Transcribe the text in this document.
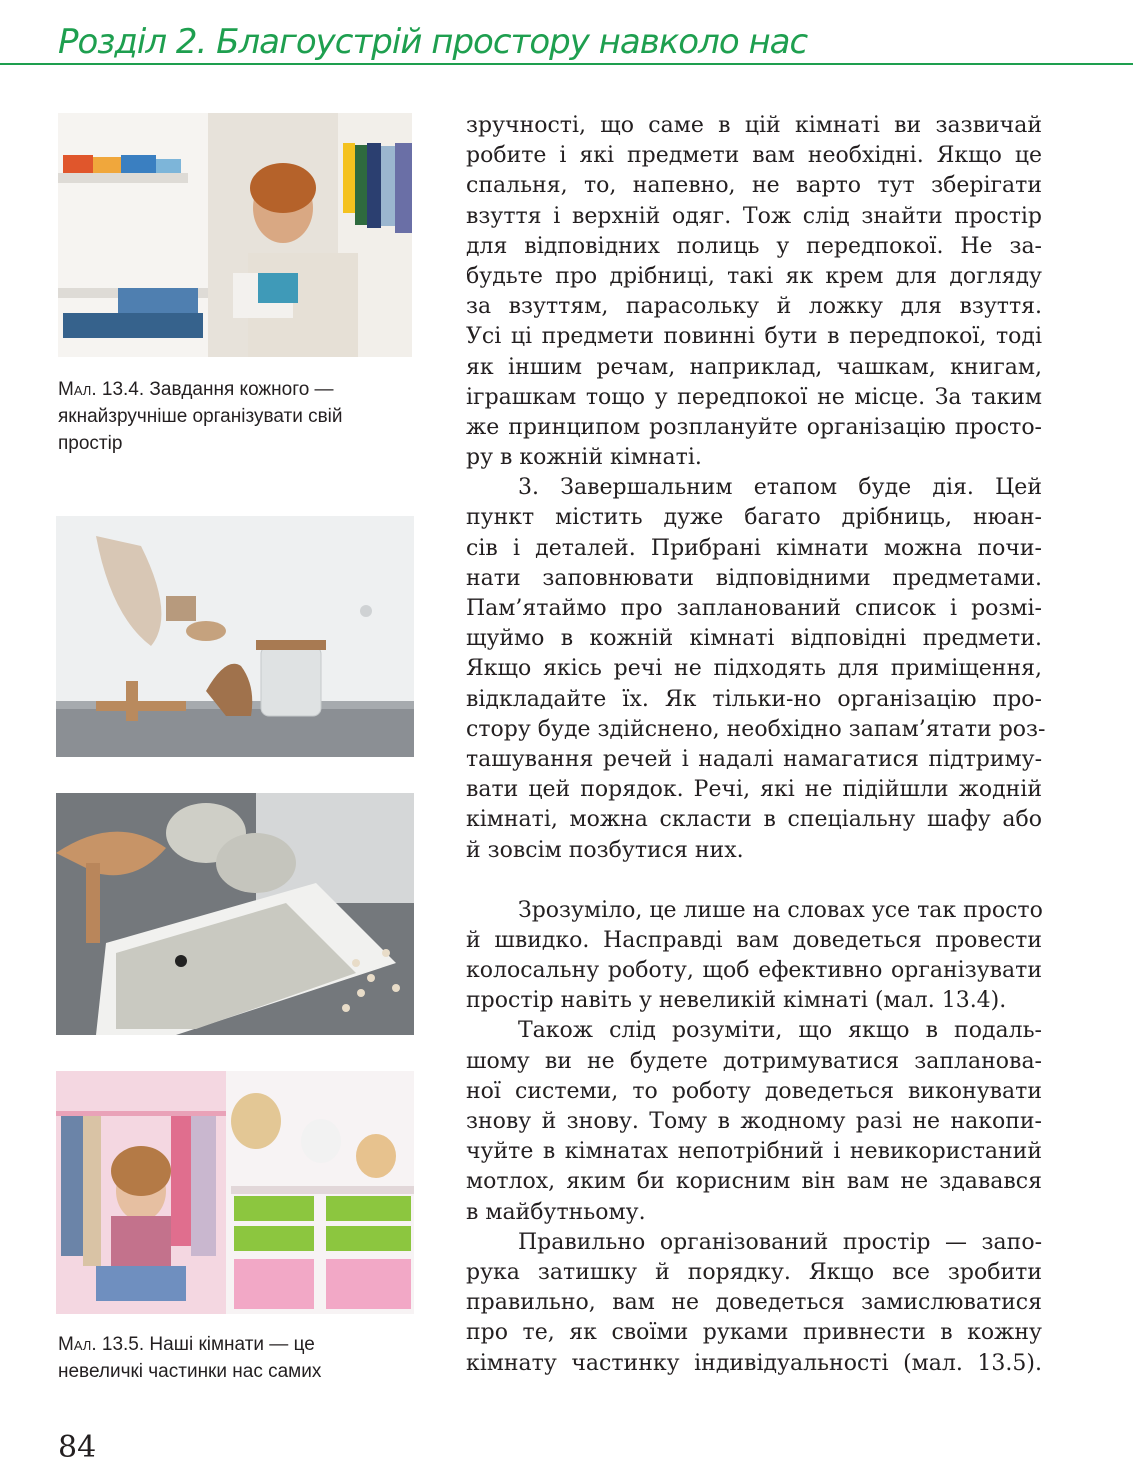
Розділ 2. Благоустрій простору навколо нас
Мал. 13.4. Завдання кожного —
якнайзручніше організувати свій
простір
Мал. 13.5. Наші кімнати — це
невеличкі частинки нас самих
зручності, що саме в цій кімнаті ви зазвичай
робите і які предмети вам необхідні. Якщо це
спальня, то, напевно, не варто тут зберігати
взуття і верхній одяг. Тож слід знайти простір
для відповідних полиць у передпокої. Не за-
будьте про дрібниці, такі як крем для догляду
за взуттям, парасольку й ложку для взуття.
Усі ці предмети повинні бути в передпокої, тоді
як іншим речам, наприклад, чашкам, книгам,
іграшкам тощо у передпокої не місце. За таким
же принципом розплануйте організацію просто-
ру в кожній кімнаті.
3. Завершальним етапом буде дія. Цей
пункт містить дуже багато дрібниць, нюан-
сів і деталей. Прибрані кімнати можна почи-
нати заповнювати відповідними предметами.
Пам’ятаймо про запланований список і розмі-
щуймо в кожній кімнаті відповідні предмети.
Якщо якісь речі не підходять для приміщення,
відкладайте їх. Як тільки-но організацію про-
стору буде здійснено, необхідно запам’ятати роз-
ташування речей і надалі намагатися підтриму-
вати цей порядок. Речі, які не підійшли жодній
кімнаті, можна скласти в спеціальну шафу або
й зовсім позбутися них.
Зрозуміло, це лише на словах усе так просто
й швидко. Насправді вам доведеться провести
колосальну роботу, щоб ефективно організувати
простір навіть у невеликій кімнаті (мал. 13.4).
Також слід розуміти, що якщо в подаль-
шому ви не будете дотримуватися запланова-
ної системи, то роботу доведеться виконувати
знову й знову. Тому в жодному разі не накопи-
чуйте в кімнатах непотрібний і невикористаний
мотлох, яким би корисним він вам не здавався
в майбутньому.
Правильно організований простір — запо-
рука затишку й порядку. Якщо все зробити
правильно, вам не доведеться замислюватися
про те, як своїми руками привнести в кожну
кімнату частинку індивідуальності (мал. 13.5).
84
